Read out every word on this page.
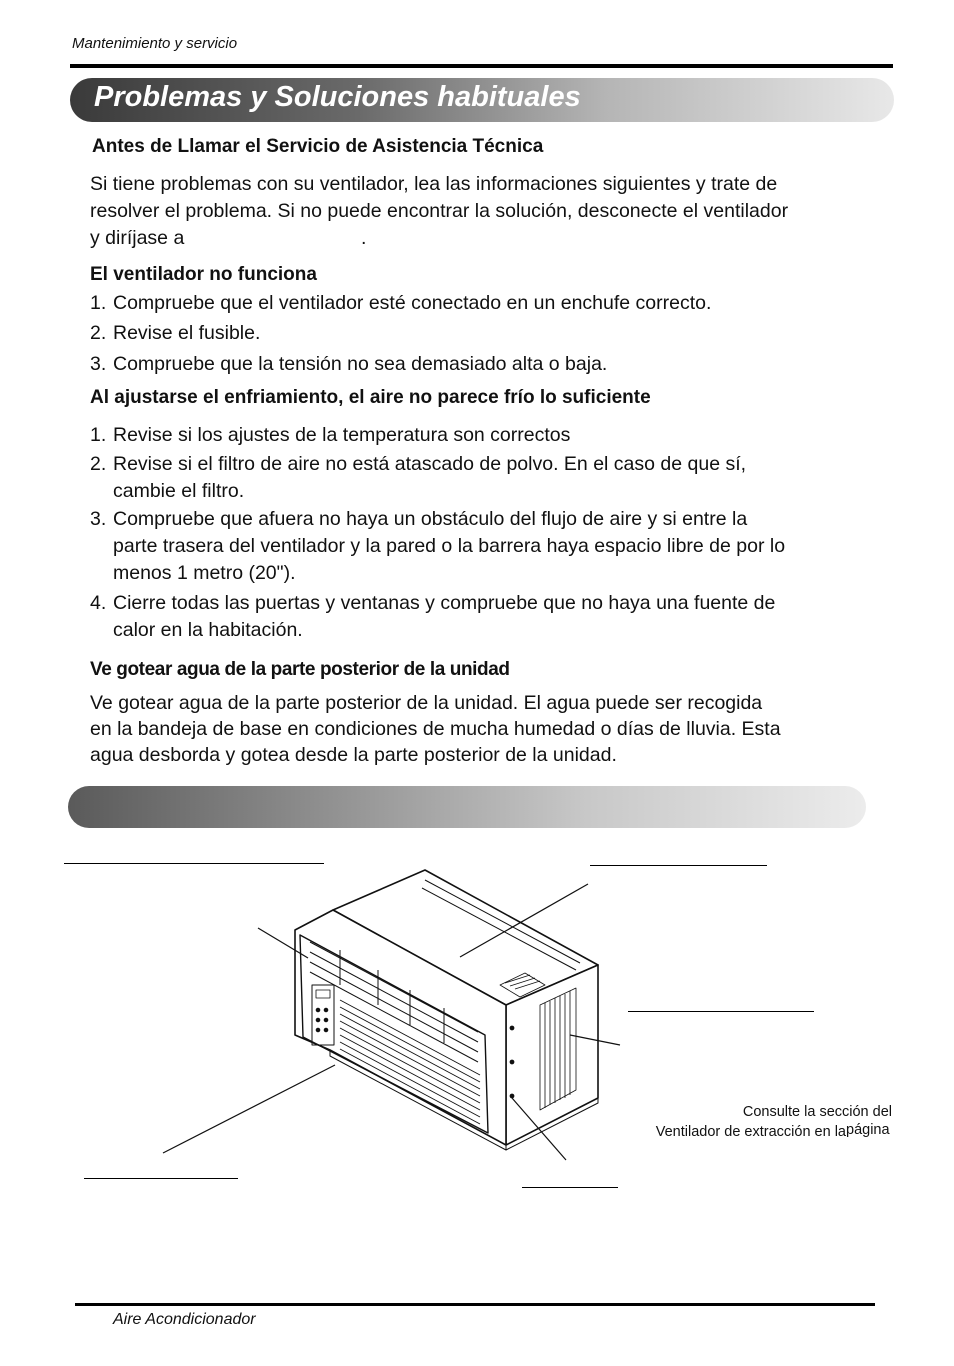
Mantenimiento y servicio
Problemas y Soluciones habituales
Antes de Llamar el Servicio de Asistencia Técnica
Si tiene problemas con su ventilador, lea las informaciones siguientes y trate de
resolver el problema. Si no puede encontrar la solución, desconecte el ventilador
y diríjase a	.
El ventilador no funciona
1. Compruebe que el ventilador esté conectado en un enchufe correcto.
2. Revise el fusible.
3. Compruebe que la tensión no sea demasiado alta o baja.
Al ajustarse el enfriamiento, el aire no parece frío lo suficiente
1. Revise si los ajustes de la temperatura son correctos
2. Revise si el filtro de aire no está atascado de polvo. En el caso de que sí,
cambie el filtro.
3. Compruebe que afuera no haya un obstáculo del flujo de aire y si entre la
parte trasera del ventilador y la pared o la barrera haya espacio libre de por lo
menos 1 metro (20").
4. Cierre todas las puertas y ventanas y compruebe que no haya una fuente de
calor en la habitación.
Ve gotear agua de la parte posterior de la unidad
Ve gotear agua de la parte posterior de la unidad. El agua puede ser recogida
en la bandeja de base en condiciones de mucha humedad o días de lluvia. Esta
agua desborda y gotea desde la parte posterior de la unidad.
Consulte la sección del
Ventilador de extracción en la página
Aire Acondicionador
